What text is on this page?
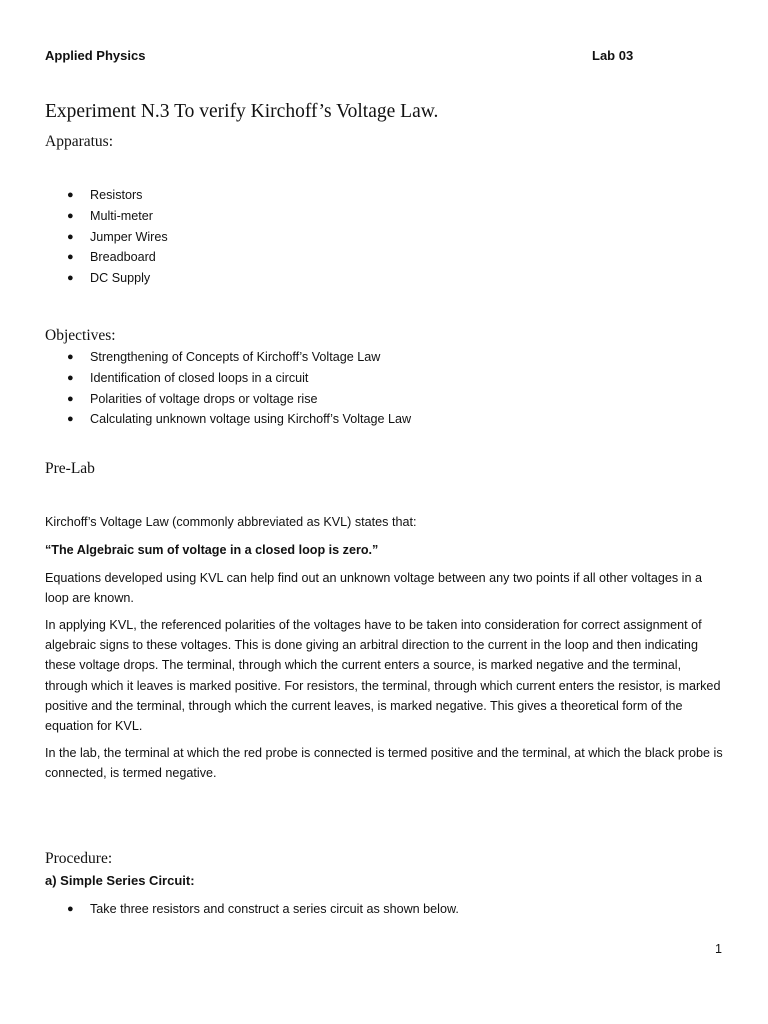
Applied Physics	Lab 03
Experiment N.3 To verify Kirchoff’s Voltage Law.
Apparatus:
● Resistors
● Multi-meter
● Jumper Wires
● Breadboard
● DC Supply
Objectives:
● Strengthening of Concepts of Kirchoff’s Voltage Law
● Identification of closed loops in a circuit
● Polarities of voltage drops or voltage rise
● Calculating unknown voltage using Kirchoff’s Voltage Law
Pre-Lab

Kirchoff’s Voltage Law (commonly abbreviated as KVL) states that:

“The Algebraic sum of voltage in a closed loop is zero.”

Equations developed using KVL can help find out an unknown voltage between any two points if all other voltages in a loop are known.

In applying KVL, the referenced polarities of the voltages have to be taken into consideration for correct assignment of algebraic signs to these voltages. This is done giving an arbitral direction to the current in the loop and then indicating these voltage drops. The terminal, through which the current enters a source, is marked negative and the terminal, through which it leaves is marked positive. For resistors, the terminal, through which current enters the resistor, is marked positive and the terminal, through which the current leaves, is marked negative. This gives a theoretical form of the equation for KVL.

In the lab, the terminal at which the red probe is connected is termed positive and the terminal, at which the black probe is connected, is termed negative.

Procedure:
a) Simple Series Circuit:
● Take three resistors and construct a series circuit as shown below.
1
